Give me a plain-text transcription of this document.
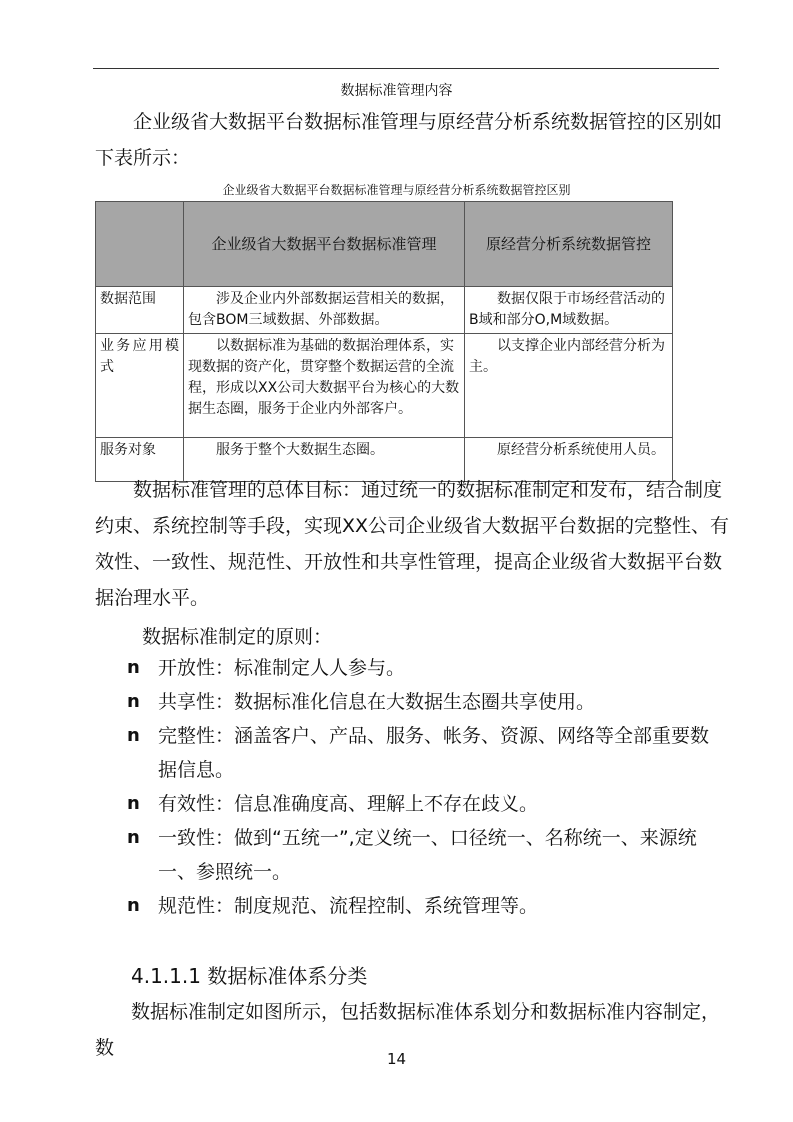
数据标准管理内容

企业级省大数据平台数据标准管理与原经营分析系统数据管控的区别如下表所示：

企业级省大数据平台数据标准管理与原经营分析系统数据管控区别
	企业级省大数据平台数据标准管理	原经营分析系统数据管控
数据范围	涉及企业内外部数据运营相关的数据，包含BOM三域数据、外部数据。	数据仅限于市场经营活动的B域和部分O,M域数据。
业务应用模式	以数据标准为基础的数据治理体系，实现数据的资产化，贯穿整个数据运营的全流程，形成以XX公司大数据平台为核心的大数据生态圈，服务于企业内外部客户。	以支撑企业内部经营分析为主。
服务对象	服务于整个大数据生态圈。	原经营分析系统使用人员。

数据标准管理的总体目标：通过统一的数据标准制定和发布，结合制度约束、系统控制等手段，实现XX公司企业级省大数据平台数据的完整性、有效性、一致性、规范性、开放性和共享性管理，提高企业级省大数据平台数据治理水平。

数据标准制定的原则：
n 开放性：标准制定人人参与。
n 共享性：数据标准化信息在大数据生态圈共享使用。
n 完整性：涵盖客户、产品、服务、帐务、资源、网络等全部重要数据信息。
n 有效性：信息准确度高、理解上不存在歧义。
n 一致性：做到“五统一”,定义统一、口径统一、名称统一、来源统一、参照统一。
n 规范性：制度规范、流程控制、系统管理等。
4.1.1.1 数据标准体系分类

数据标准制定如图所示，包括数据标准体系划分和数据标准内容制定，数	14
